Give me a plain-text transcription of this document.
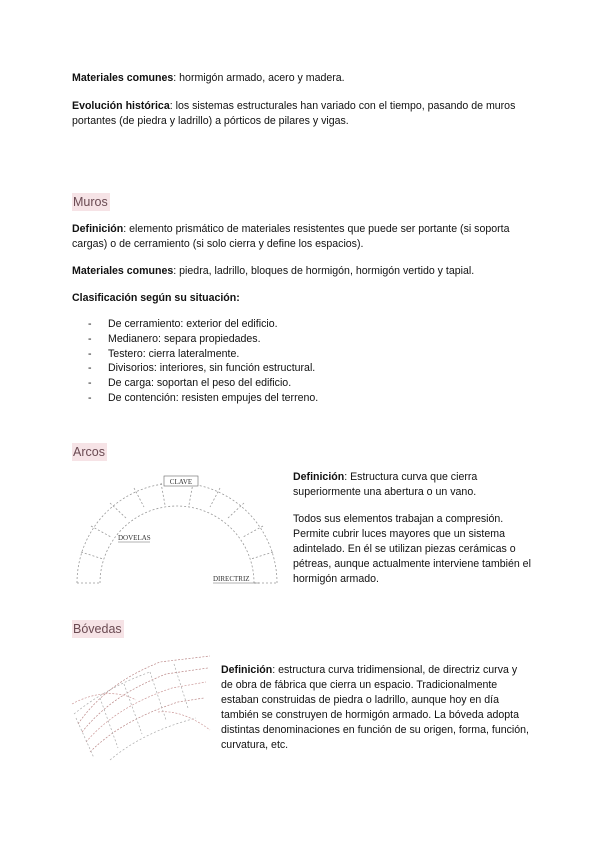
Materiales comunes: hormigón armado, acero y madera.

Evolución histórica: los sistemas estructurales han variado con el tiempo, pasando de muros portantes (de piedra y ladrillo) a pórticos de pilares y vigas.

Muros

Definición: elemento prismático de materiales resistentes que puede ser portante (si soporta cargas) o de cerramiento (si solo cierra y define los espacios).

Materiales comunes: piedra, ladrillo, bloques de hormigón, hormigón vertido y tapial.

Clasificación según su situación:

- De cerramiento: exterior del edificio.
- Medianero: separa propiedades.
- Testero: cierra lateralmente.
- Divisorios: interiores, sin función estructural.
- De carga: soportan el peso del edificio.
- De contención: resisten empujes del terreno.
Arcos
CLAVE
DOVELAS
DIRECTRIZ

Definición: Estructura curva que cierra superiormente una abertura o un vano.

Todos sus elementos trabajan a compresión. Permite cubrir luces mayores que un sistema adintelado. En él se utilizan piezas cerámicas o pétreas, aunque actualmente interviene también el hormigón armado.

Bóvedas

Definición: estructura curva tridimensional, de directriz curva y de obra de fábrica que cierra un espacio. Tradicionalmente estaban construidas de piedra o ladrillo, aunque hoy en día también se construyen de hormigón armado. La bóveda adopta distintas denominaciones en función de su origen, forma, función, curvatura, etc.
